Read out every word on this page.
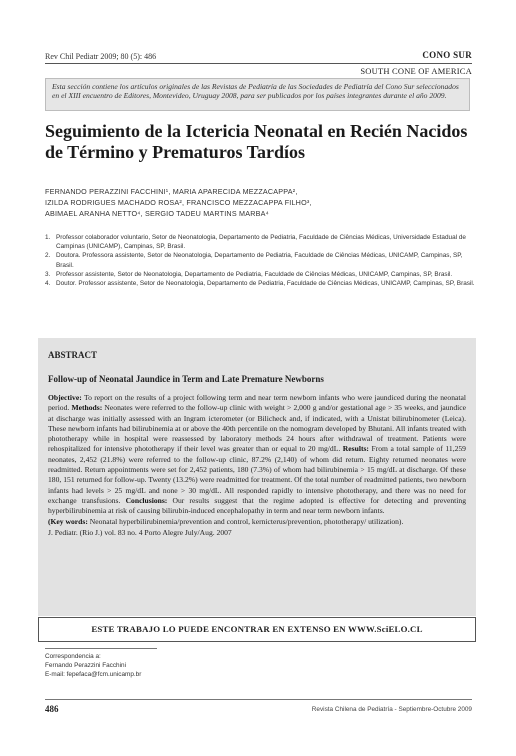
Rev Chil Pediatr 2009; 80 (5): 486	CONO SUR
SOUTH CONE OF AMERICA
Esta sección contiene los artículos originales de las Revistas de Pediatría de las Sociedades de Pediatría del Cono Sur seleccionados en el XIII encuentro de Editores, Montevideo, Uruguay 2008, para ser publicados por los países integrantes durante el año 2009.
Seguimiento de la Ictericia Neonatal en Recién Nacidos de Término y Prematuros Tardíos
FERNANDO PERAZZINI FACCHINI¹, MARIA APARECIDA MEZZACAPPA²,
IZILDA RODRIGUES MACHADO ROSA², FRANCISCO MEZZACAPPA FILHO³,
ABIMAEL ARANHA NETTO⁴, SERGIO TADEU MARTINS MARBA⁴
1. Professor colaborador voluntario, Setor de Neonatologia, Departamento de Pediatria, Faculdade de Ciências Médicas, Universidade Estadual de Campinas (UNICAMP), Campinas, SP, Brasil.
2. Doutora. Professora assistente, Setor de Neonatologia, Departamento de Pediatria, Faculdade de Ciências Médicas, UNICAMP, Campinas, SP, Brasil.
3. Professor assistente, Setor de Neonatologia, Departamento de Pediatria, Faculdade de Ciências Médicas, UNICAMP, Campinas, SP, Brasil.
4. Doutor. Professor assistente, Setor de Neonatologia, Departamento de Pediatria, Faculdade de Ciências Médicas, UNICAMP, Campinas, SP, Brasil.
ABSTRACT
Follow-up of Neonatal Jaundice in Term and Late Premature Newborns
Objective: To report on the results of a project following term and near term newborn infants who were jaundiced during the neonatal period. Methods: Neonates were referred to the follow-up clinic with weight > 2,000 g and/or gestational age > 35 weeks, and jaundice at discharge was initially assessed with an Ingram icterometer (or Bilicheck and, if indicated, with a Unistat bilirubinometer (Leica). These newborn infants had bilirubinemia at or above the 40th percentile on the nomogram developed by Bhutani. All infants treated with phototherapy while in hospital were reassessed by laboratory methods 24 hours after withdrawal of treatment. Patients were rehospitalized for intensive phototherapy if their level was greater than or equal to 20 mg/dL. Results: From a total sample of 11,259 neonates, 2,452 (21.8%) were referred to the follow-up clinic, 87.2% (2,140) of whom did return. Eighty returned neonates were readmitted. Return appointments were set for 2,452 patients, 180 (7.3%) of whom had bilirubinemia > 15 mg/dL at discharge. Of these 180, 151 returned for follow-up. Twenty (13.2%) were readmitted for treatment. Of the total number of readmitted patients, two newborn infants had levels > 25 mg/dL and none > 30 mg/dL. All responded rapidly to intensive phototherapy, and there was no need for exchange transfusions. Conclusions: Our results suggest that the regime adopted is effective for detecting and preventing hyperbilirubinemia at risk of causing bilirubin-induced encephalopathy in term and near term newborn infants.
(Key words: Neonatal hyperbilirubinemia/prevention and control, kernicterus/prevention, phototherapy/ utilization).
J. Pediatr. (Rio J.) vol. 83 no. 4 Porto Alegre July/Aug. 2007
ESTE TRABAJO LO PUEDE ENCONTRAR EN EXTENSO EN WWW.SciELO.CL
Correspondencia a:
Fernando Perazzini Facchini
E-mail: fepefaca@fcm.unicamp.br
486	Revista Chilena de Pediatría - Septiembre-Octubre 2009
